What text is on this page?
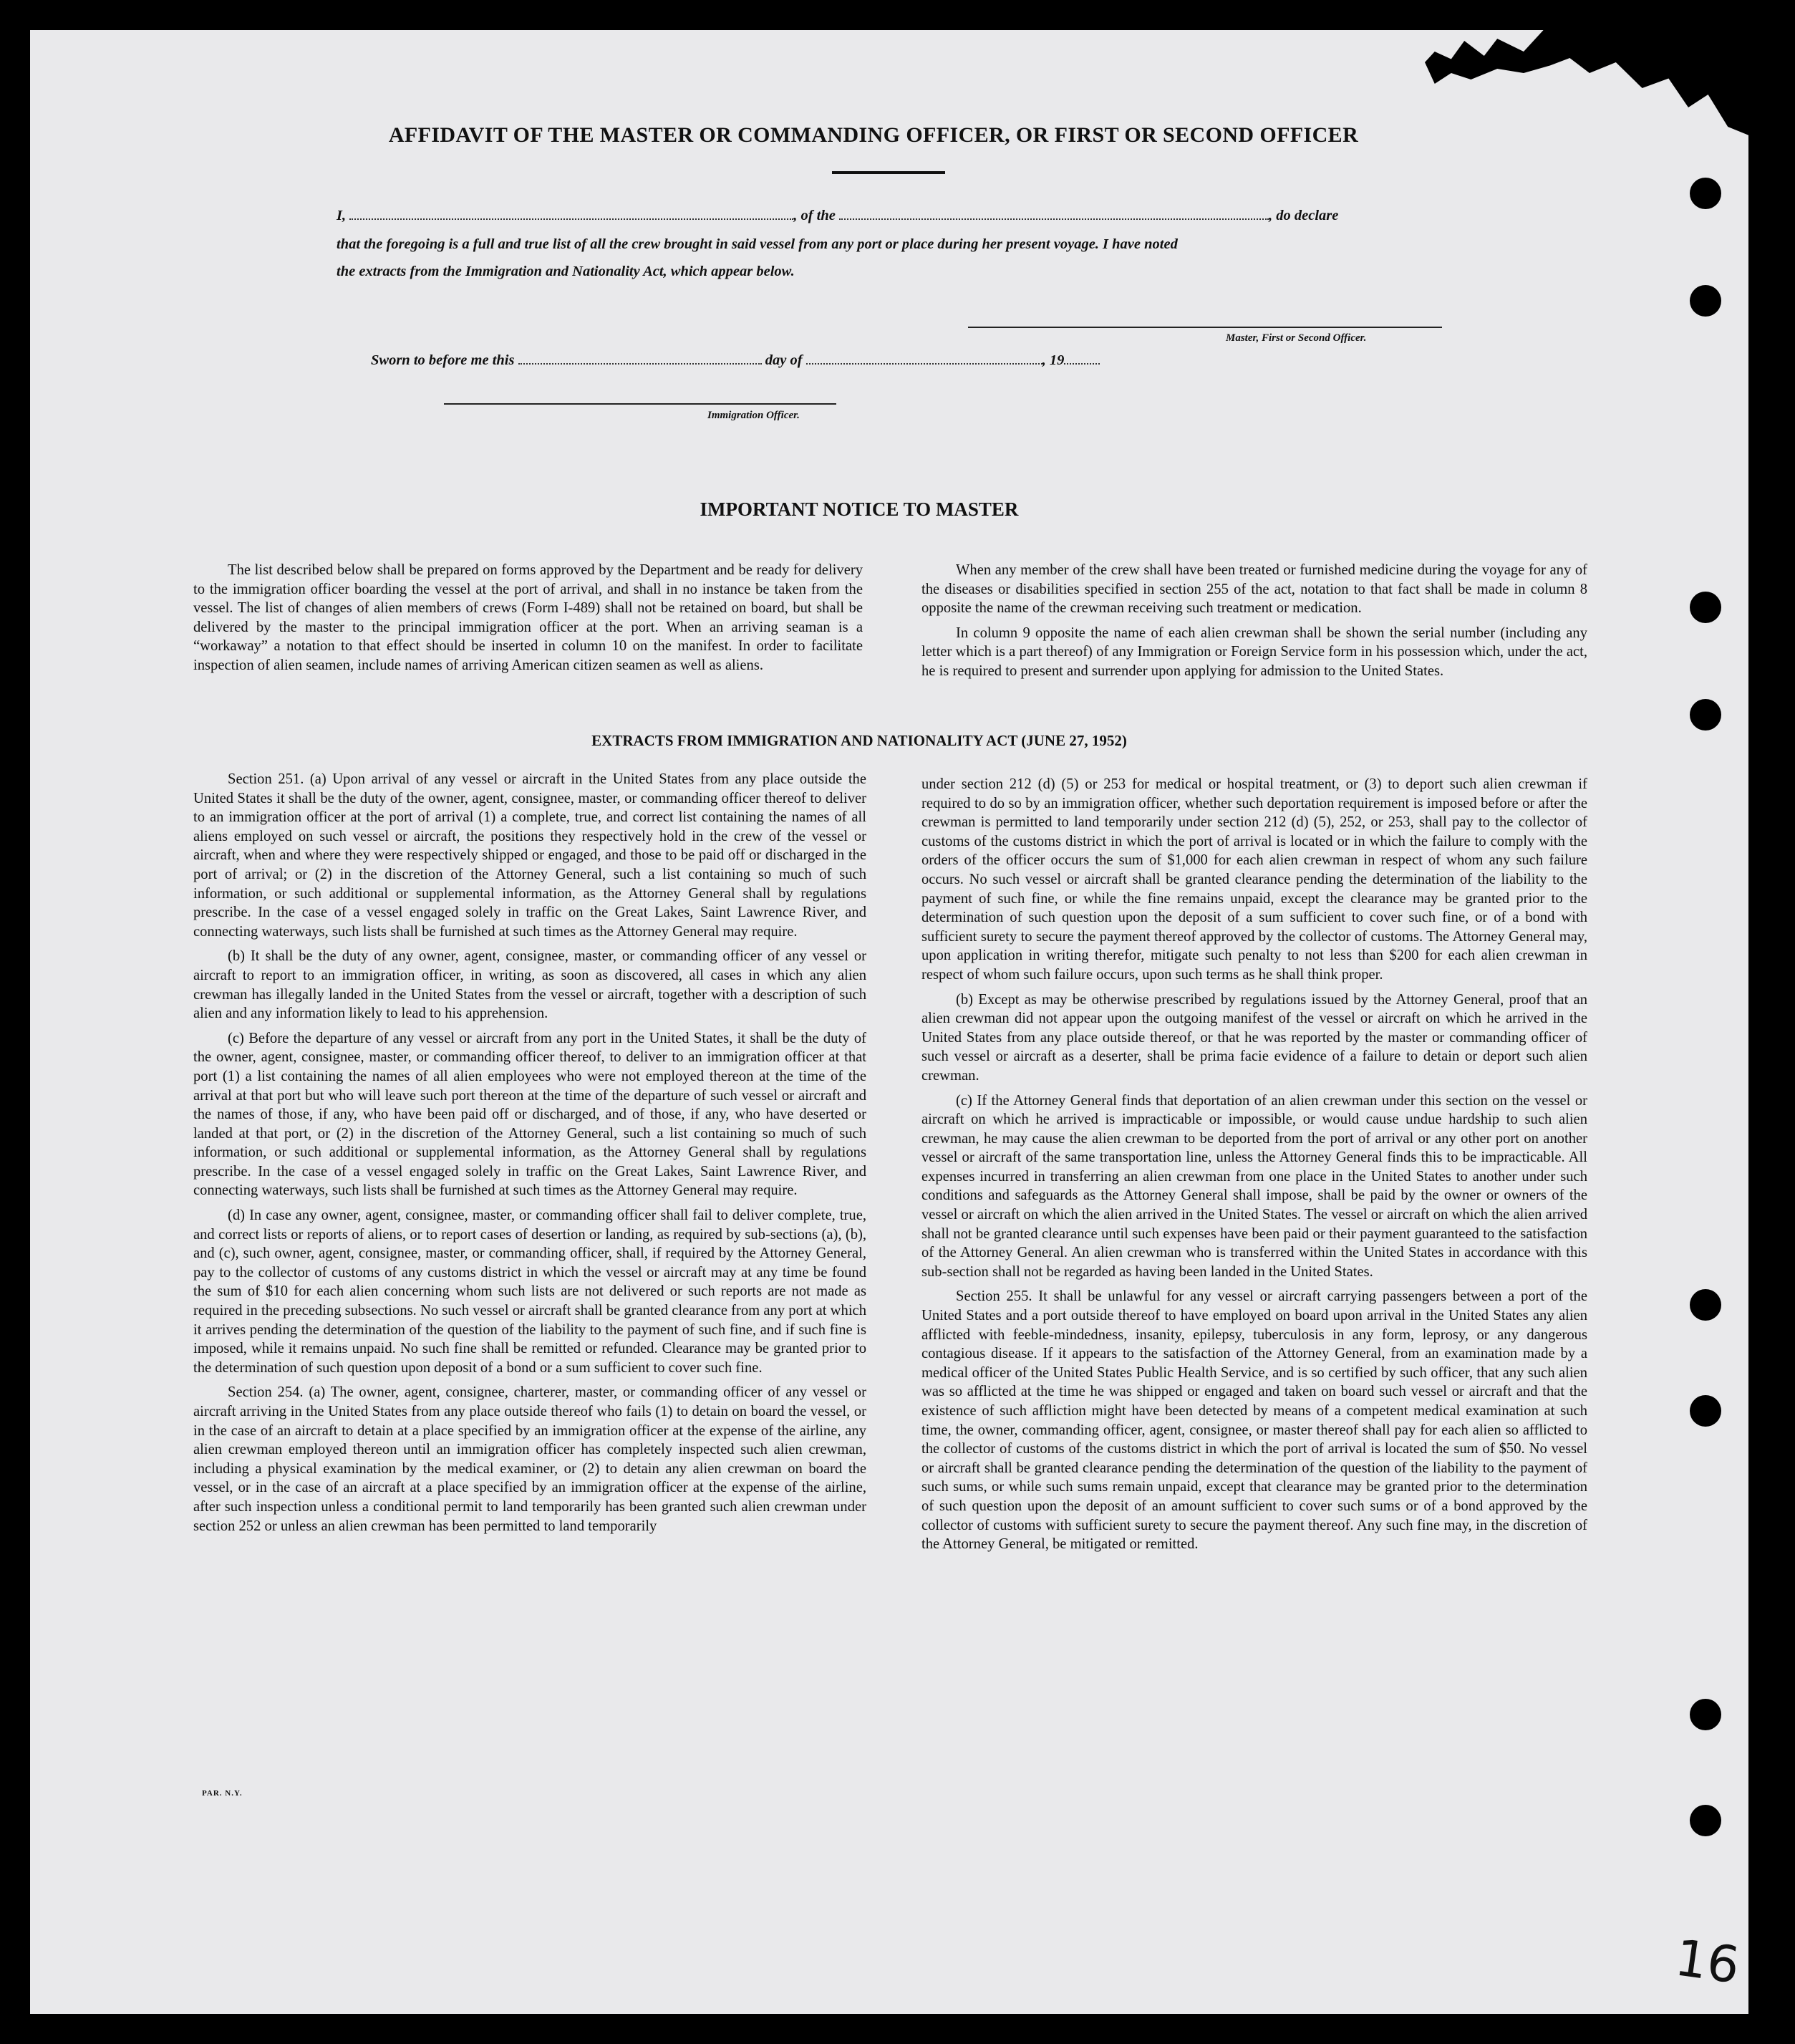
AFFIDAVIT OF THE MASTER OR COMMANDING OFFICER, OR FIRST OR SECOND OFFICER
I,	, of the	, do declare
that the foregoing is a full and true list of all the crew brought in said vessel from any port or place during her present voyage. I have noted
the extracts from the Immigration and Nationality Act, which appear below.
Master, First or Second Officer.
Sworn to before me this	day of	, 19
Immigration Officer.
IMPORTANT NOTICE TO MASTER

The list described below shall be prepared on forms approved by the Department and be ready for delivery to the immigration officer boarding the vessel at the port of arrival, and shall in no instance be taken from the vessel. The list of changes of alien members of crews (Form I-489) shall not be retained on board, but shall be delivered by the master to the principal immigration officer at the port. When an arriving seaman is a “workaway” a notation to that effect should be inserted in column 10 on the manifest. In order to facilitate inspection of alien seamen, include names of arriving American citizen seamen as well as aliens.

When any member of the crew shall have been treated or furnished medicine during the voyage for any of the diseases or disabilities specified in section 255 of the act, notation to that fact shall be made in column 8 opposite the name of the crewman receiving such treatment or medication.

In column 9 opposite the name of each alien crewman shall be shown the serial number (including any letter which is a part thereof) of any Immigration or Foreign Service form in his possession which, under the act, he is required to present and surrender upon applying for admission to the United States.

EXTRACTS FROM IMMIGRATION AND NATIONALITY ACT (JUNE 27, 1952)

Section 251. (a) Upon arrival of any vessel or aircraft in the United States from any place outside the United States it shall be the duty of the owner, agent, consignee, master, or commanding officer thereof to deliver to an immigration officer at the port of arrival (1) a complete, true, and correct list containing the names of all aliens employed on such vessel or aircraft, the positions they respectively hold in the crew of the vessel or aircraft, when and where they were respectively shipped or engaged, and those to be paid off or discharged in the port of arrival; or (2) in the discretion of the Attorney General, such a list containing so much of such information, or such additional or supplemental information, as the Attorney General shall by regulations prescribe. In the case of a vessel engaged solely in traffic on the Great Lakes, Saint Lawrence River, and connecting waterways, such lists shall be furnished at such times as the Attorney General may require.

(b) It shall be the duty of any owner, agent, consignee, master, or commanding officer of any vessel or aircraft to report to an immigration officer, in writing, as soon as discovered, all cases in which any alien crewman has illegally landed in the United States from the vessel or aircraft, together with a description of such alien and any information likely to lead to his apprehension.

(c) Before the departure of any vessel or aircraft from any port in the United States, it shall be the duty of the owner, agent, consignee, master, or commanding officer thereof, to deliver to an immigration officer at that port (1) a list containing the names of all alien employees who were not employed thereon at the time of the arrival at that port but who will leave such port thereon at the time of the departure of such vessel or aircraft and the names of those, if any, who have been paid off or discharged, and of those, if any, who have deserted or landed at that port, or (2) in the discretion of the Attorney General, such a list containing so much of such information, or such additional or supplemental information, as the Attorney General shall by regulations prescribe. In the case of a vessel engaged solely in traffic on the Great Lakes, Saint Lawrence River, and connecting waterways, such lists shall be furnished at such times as the Attorney General may require.

(d) In case any owner, agent, consignee, master, or commanding officer shall fail to deliver complete, true, and correct lists or reports of aliens, or to report cases of desertion or landing, as required by sub-sections (a), (b), and (c), such owner, agent, consignee, master, or commanding officer, shall, if required by the Attorney General, pay to the collector of customs of any customs district in which the vessel or aircraft may at any time be found the sum of $10 for each alien concerning whom such lists are not delivered or such reports are not made as required in the preceding subsections. No such vessel or aircraft shall be granted clearance from any port at which it arrives pending the determination of the question of the liability to the payment of such fine, and if such fine is imposed, while it remains unpaid. No such fine shall be remitted or refunded. Clearance may be granted prior to the determination of such question upon deposit of a bond or a sum sufficient to cover such fine.

Section 254. (a) The owner, agent, consignee, charterer, master, or commanding officer of any vessel or aircraft arriving in the United States from any place outside thereof who fails (1) to detain on board the vessel, or in the case of an aircraft to detain at a place specified by an immigration officer at the expense of the airline, any alien crewman employed thereon until an immigration officer has completely inspected such alien crewman, including a physical examination by the medical examiner, or (2) to detain any alien crewman on board the vessel, or in the case of an aircraft at a place specified by an immigration officer at the expense of the airline, after such inspection unless a conditional permit to land temporarily has been granted such alien crewman under section 252 or unless an alien crewman has been permitted to land temporarily

under section 212 (d) (5) or 253 for medical or hospital treatment, or (3) to deport such alien crewman if required to do so by an immigration officer, whether such deportation requirement is imposed before or after the crewman is permitted to land temporarily under section 212 (d) (5), 252, or 253, shall pay to the collector of customs of the customs district in which the port of arrival is located or in which the failure to comply with the orders of the officer occurs the sum of $1,000 for each alien crewman in respect of whom any such failure occurs. No such vessel or aircraft shall be granted clearance pending the determination of the liability to the payment of such fine, or while the fine remains unpaid, except the clearance may be granted prior to the determination of such question upon the deposit of a sum sufficient to cover such fine, or of a bond with sufficient surety to secure the payment thereof approved by the collector of customs. The Attorney General may, upon application in writing therefor, mitigate such penalty to not less than $200 for each alien crewman in respect of whom such failure occurs, upon such terms as he shall think proper.

(b) Except as may be otherwise prescribed by regulations issued by the Attorney General, proof that an alien crewman did not appear upon the outgoing manifest of the vessel or aircraft on which he arrived in the United States from any place outside thereof, or that he was reported by the master or commanding officer of such vessel or aircraft as a deserter, shall be prima facie evidence of a failure to detain or deport such alien crewman.

(c) If the Attorney General finds that deportation of an alien crewman under this section on the vessel or aircraft on which he arrived is impracticable or impossible, or would cause undue hardship to such alien crewman, he may cause the alien crewman to be deported from the port of arrival or any other port on another vessel or aircraft of the same transportation line, unless the Attorney General finds this to be impracticable. All expenses incurred in transferring an alien crewman from one place in the United States to another under such conditions and safeguards as the Attorney General shall impose, shall be paid by the owner or owners of the vessel or aircraft on which the alien arrived in the United States. The vessel or aircraft on which the alien arrived shall not be granted clearance until such expenses have been paid or their payment guaranteed to the satisfaction of the Attorney General. An alien crewman who is transferred within the United States in accordance with this sub-section shall not be regarded as having been landed in the United States.

Section 255. It shall be unlawful for any vessel or aircraft carrying passengers between a port of the United States and a port outside thereof to have employed on board upon arrival in the United States any alien afflicted with feeble-mindedness, insanity, epilepsy, tuberculosis in any form, leprosy, or any dangerous contagious disease. If it appears to the satisfaction of the Attorney General, from an examination made by a medical officer of the United States Public Health Service, and is so certified by such officer, that any such alien was so afflicted at the time he was shipped or engaged and taken on board such vessel or aircraft and that the existence of such affliction might have been detected by means of a competent medical examination at such time, the owner, commanding officer, agent, consignee, or master thereof shall pay for each alien so afflicted to the collector of customs of the customs district in which the port of arrival is located the sum of $50. No vessel or aircraft shall be granted clearance pending the determination of the question of the liability to the payment of such sums, or while such sums remain unpaid, except that clearance may be granted prior to the determination of such question upon the deposit of an amount sufficient to cover such sums or of a bond approved by the collector of customs with sufficient surety to secure the payment thereof. Any such fine may, in the discretion of the Attorney General, be mitigated or remitted.

PAR. N.Y.
16
